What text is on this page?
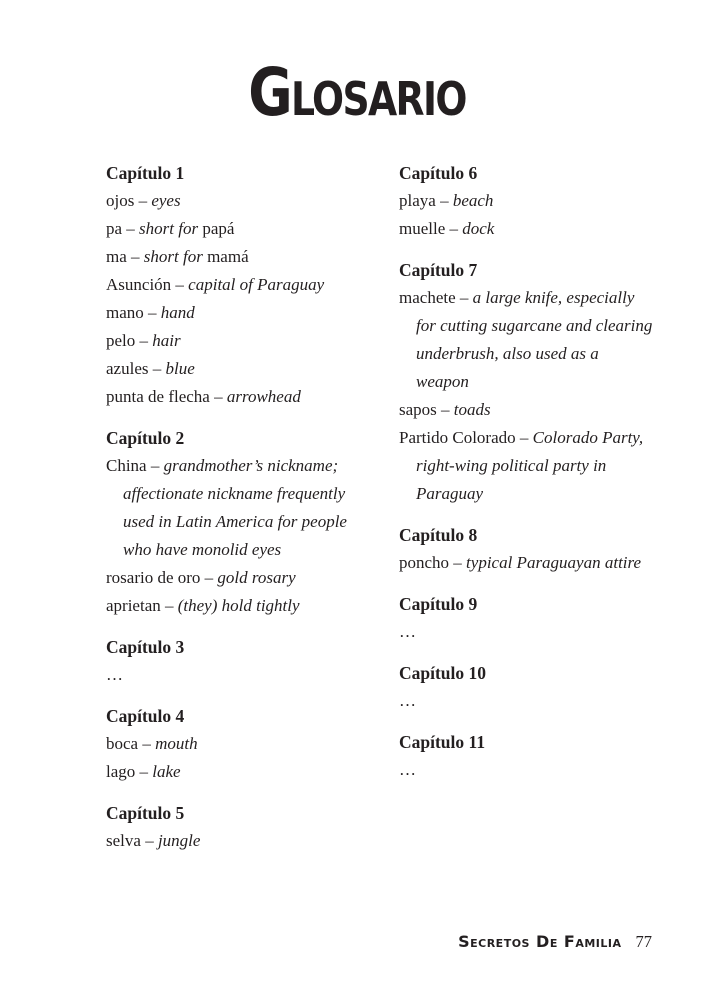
Glosario
Capítulo 1

ojos – eyes

pa – short for papá

ma – short for mamá

Asunción – capital of Paraguay

mano – hand

pelo – hair

azules – blue

punta de flecha – arrowhead

Capítulo 2

China – grandmother’s nickname; affectionate nickname frequently used in Latin America for people who have monolid eyes

rosario de oro – gold rosary

aprietan – (they) hold tightly

Capítulo 3

…

Capítulo 4

boca – mouth

lago – lake

Capítulo 5

selva – jungle

Capítulo 6

playa – beach

muelle – dock

Capítulo 7

machete – a large knife, especially for cutting sugarcane and clearing underbrush, also used as a weapon

sapos – toads

Partido Colorado – Colorado Party, right-wing political party in Paraguay

Capítulo 8

poncho – typical Paraguayan attire

Capítulo 9

…

Capítulo 10

…

Capítulo 11

…

Secretos De Familia 77
